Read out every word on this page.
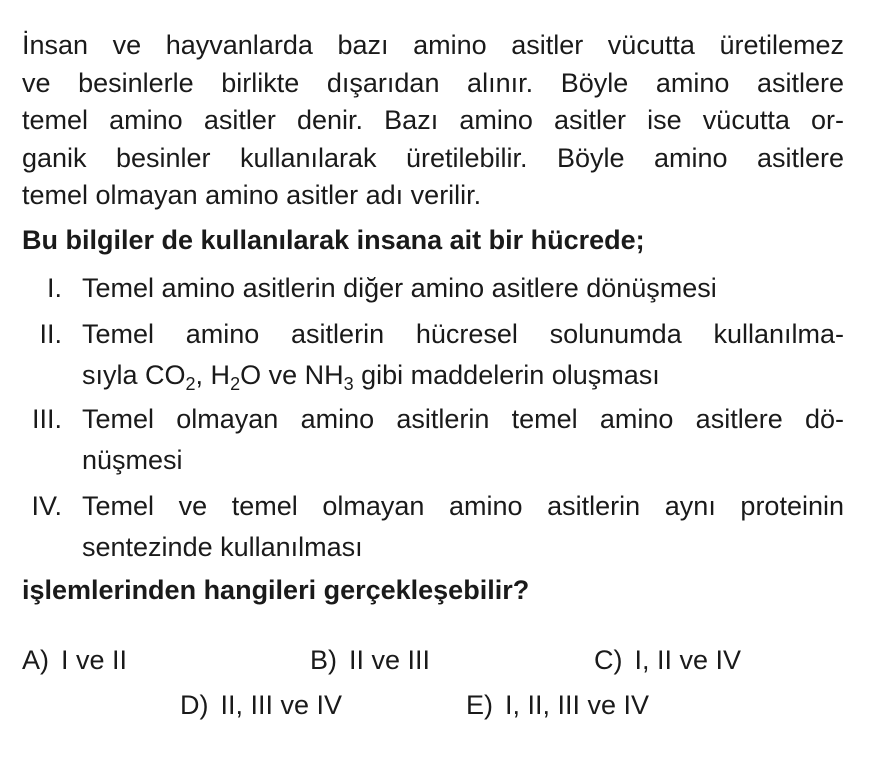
İnsan ve hayvanlarda bazı amino asitler vücutta üretilemez
ve besinlerle birlikte dışarıdan alınır. Böyle amino asitlere
temel amino asitler denir. Bazı amino asitler ise vücutta or-
ganik besinler kullanılarak üretilebilir. Böyle amino asitlere
temel olmayan amino asitler adı verilir.
Bu bilgiler de kullanılarak insana ait bir hücrede;
I. Temel amino asitlerin diğer amino asitlere dönüşmesi
II. Temel amino asitlerin hücresel solunumda kullanılma-
sıyla $CO_2$, $H_2O$ ve $NH_3$ gibi maddelerin oluşması
III. Temel olmayan amino asitlerin temel amino asitlere dö-
nüşmesi
IV. Temel ve temel olmayan amino asitlerin aynı proteinin
sentezinde kullanılması
işlemlerinden hangileri gerçekleşebilir?
A) I ve II	B) II ve III	C) I, II ve IV
D) II, III ve IV	E) I, II, III ve IV
